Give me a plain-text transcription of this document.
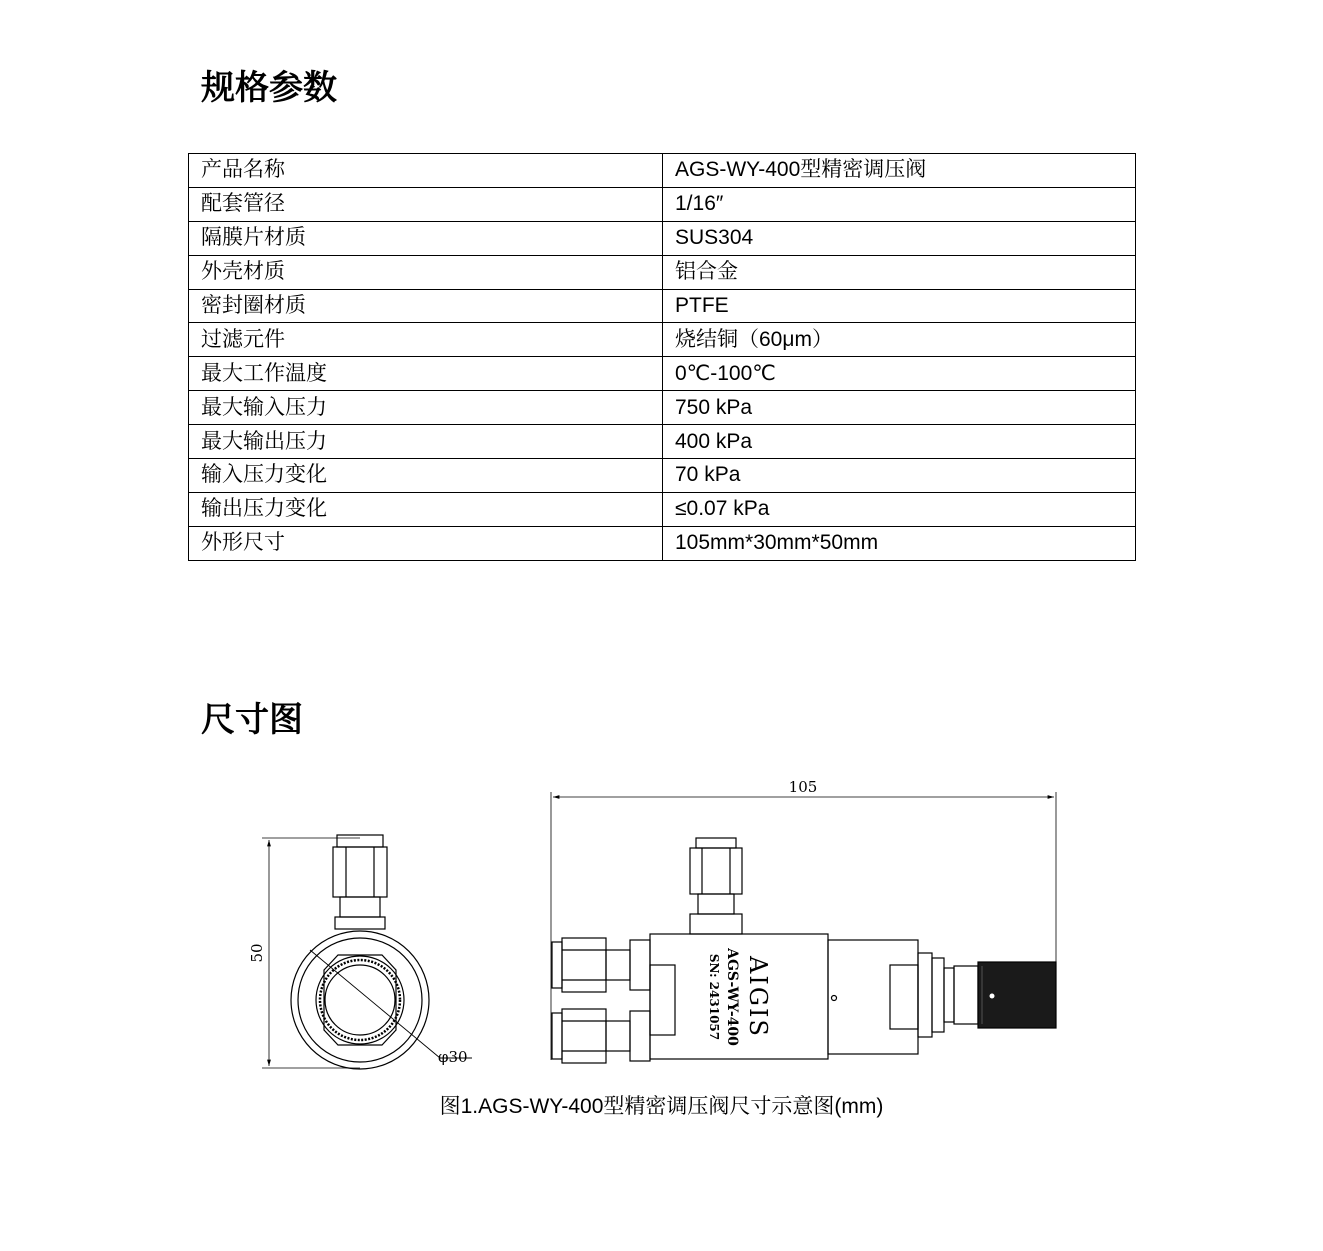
规格参数
产品名称	AGS-WY-400型精密调压阀
配套管径	1/16″
隔膜片材质	SUS304
外壳材质	铝合金
密封圈材质	PTFE
过滤元件	烧结铜（60μm）
最大工作温度	0℃-100℃
最大输入压力	750 kPa
最大输出压力	400 kPa
输入压力变化	70 kPa
输出压力变化	≤0.07 kPa
外形尺寸	105mm*30mm*50mm
尺寸图
105
50
φ30
AIGIS
AGS-WY-400
SN: 2431057
图1.AGS-WY-400型精密调压阀尺寸示意图(mm)
